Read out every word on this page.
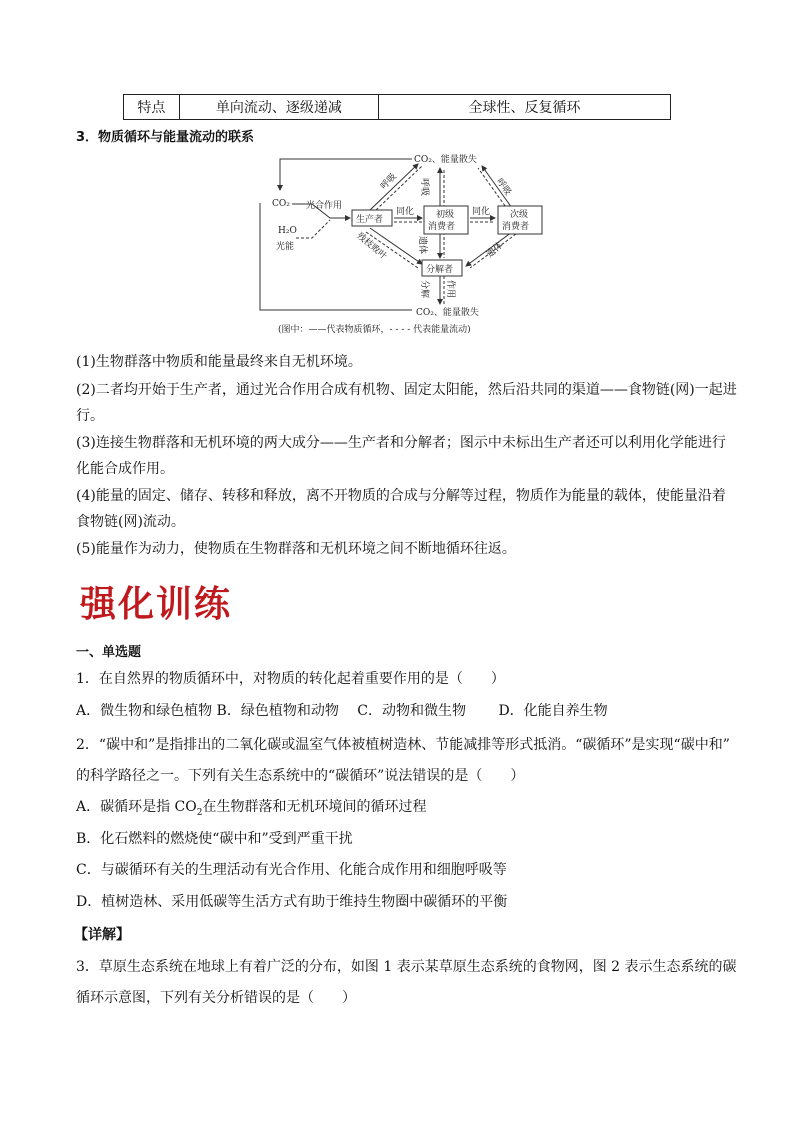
特点	单向流动、逐级递减	全球性、反复循环
3．物质循环与能量流动的联系
CO₂、能量散失
CO₂、能量散失
CO₂
H₂O
光能
光合作用
生产者	初级
消费者
次级
消费者
分解者
同化	同化
呼吸 呼吸	呼吸
遗体	遗体
残枝败叶
分解 作用
(图中：——代表物质循环，- - - - 代表能量流动)
(1)生物群落中物质和能量最终来自无机环境。
(2)二者均开始于生产者，通过光合作用合成有机物、固定太阳能，然后沿共同的渠道——食物链(网)一起进
行。
(3)连接生物群落和无机环境的两大成分——生产者和分解者；图示中未标出生产者还可以利用化学能进行
化能合成作用。
(4)能量的固定、储存、转移和释放，离不开物质的合成与分解等过程，物质作为能量的载体，使能量沿着
食物链(网)流动。
(5)能量作为动力，使物质在生物群落和无机环境之间不断地循环往返。
强化训练
一、单选题
1．在自然界的物质循环中，对物质的转化起着重要作用的是（　　）
A．微生物和绿色植物 B．绿色植物和动物　 C．动物和微生物　　 D．化能自养生物
2．“碳中和”是指排出的二氧化碳或温室气体被植树造林、节能减排等形式抵消。“碳循环”是实现“碳中和”
的科学路径之一。下列有关生态系统中的“碳循环”说法错误的是（　　）
A．碳循环是指 $CO_2$在生物群落和无机环境间的循环过程
B．化石燃料的燃烧使“碳中和”受到严重干扰
C．与碳循环有关的生理活动有光合作用、化能合成作用和细胞呼吸等
D．植树造林、采用低碳等生活方式有助于维持生物圈中碳循环的平衡
【详解】
3．草原生态系统在地球上有着广泛的分布，如图 1 表示某草原生态系统的食物网，图 2 表示生态系统的碳
循环示意图，下列有关分析错误的是（　　）
